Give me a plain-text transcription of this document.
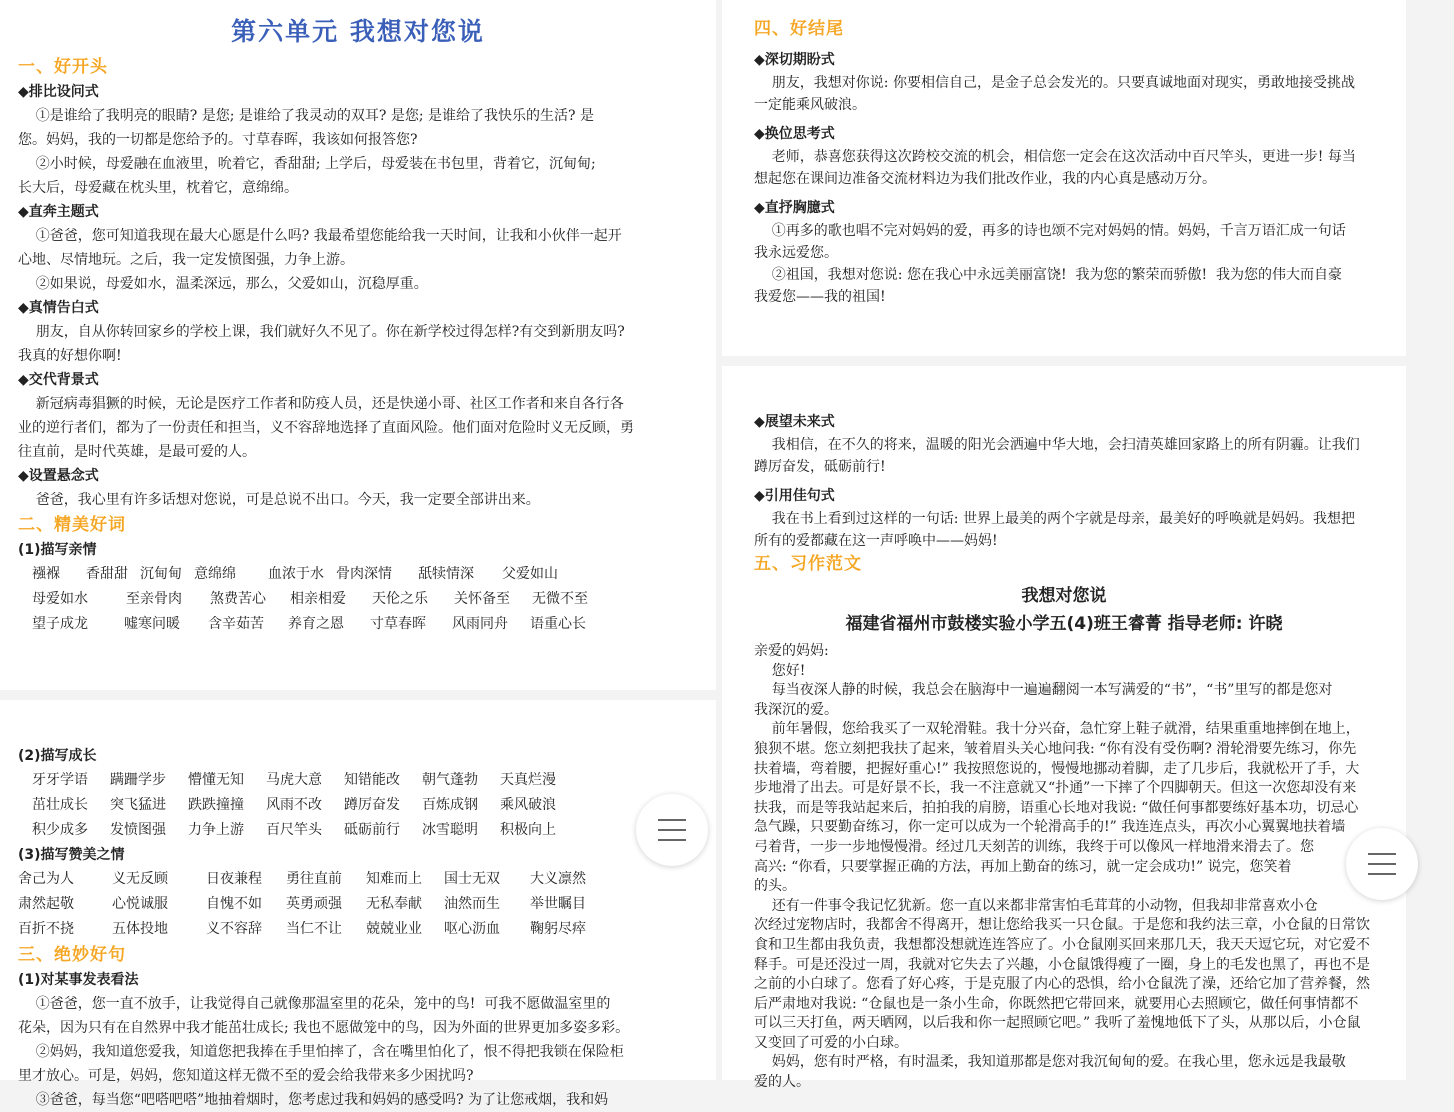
第六单元 我想对您说
一、好开头
◆排比设问式
①是谁给了我明亮的眼睛? 是您; 是谁给了我灵动的双耳? 是您; 是谁给了我快乐的生活? 是
您。妈妈，我的一切都是您给予的。寸草春晖，我该如何报答您?
②小时候，母爱融在血液里，吮着它，香甜甜; 上学后，母爱装在书包里，背着它，沉甸甸;
长大后，母爱藏在枕头里，枕着它，意绵绵。
◆直奔主题式
①爸爸，您可知道我现在最大心愿是什么吗? 我最希望您能给我一天时间，让我和小伙伴一起开
心地、尽情地玩。之后，我一定发愤图强，力争上游。
②如果说，母爱如水，温柔深远，那么，父爱如山，沉稳厚重。
◆真情告白式
朋友，自从你转回家乡的学校上课，我们就好久不见了。你在新学校过得怎样?有交到新朋友吗?
我真的好想你啊!
◆交代背景式
新冠病毒猖獗的时候，无论是医疗工作者和防疫人员，还是快递小哥、社区工作者和来自各行各
业的逆行者们，都为了一份责任和担当，义不容辞地选择了直面风险。他们面对危险时义无反顾，勇
往直前，是时代英雄，是最可爱的人。
◆设置悬念式
爸爸，我心里有许多话想对您说，可是总说不出口。今天，我一定要全部讲出来。
二、精美好词
(1)描写亲情
襁褓 香甜甜 沉甸甸 意绵绵 血浓于水 骨肉深情 舐犊情深 父爱如山
母爱如水	至亲骨肉 煞费苦心 相亲相爱 天伦之乐 关怀备至 无微不至
望子成龙	嘘寒问暖 含辛茹苦 养育之恩 寸草春晖 风雨同舟 语重心长
(2)描写成长
牙牙学语 蹒跚学步 懵懂无知 马虎大意 知错能改 朝气蓬勃 天真烂漫
茁壮成长 突飞猛进 跌跌撞撞 风雨不改 蹲厉奋发 百炼成钢 乘风破浪
积少成多 发愤图强 力争上游 百尺竿头 砥砺前行 冰雪聪明 积极向上
(3)描写赞美之情
舍己为人	义无反顾	日夜兼程 勇往直前 知难而上 国士无双 大义凛然
肃然起敬	心悦诚服	自愧不如 英勇顽强 无私奉献 油然而生 举世瞩目
百折不挠	五体投地	义不容辞 当仁不让 兢兢业业 呕心沥血 鞠躬尽瘁
三、绝妙好句
(1)对某事发表看法
①爸爸，您一直不放手，让我觉得自己就像那温室里的花朵，笼中的鸟!  可我不愿做温室里的
花朵，因为只有在自然界中我才能茁壮成长; 我也不愿做笼中的鸟，因为外面的世界更加多姿多彩。
②妈妈，我知道您爱我，知道您把我捧在手里怕摔了，含在嘴里怕化了，恨不得把我锁在保险柜
里才放心。可是，妈妈，您知道这样无微不至的爱会给我带来多少困扰吗?
③爸爸，每当您“吧嗒吧嗒”地抽着烟时，您考虑过我和妈妈的感受吗? 为了让您戒烟，我和妈
四、好结尾
◆深切期盼式
朋友，我想对你说: 你要相信自己，是金子总会发光的。只要真诚地面对现实，勇敢地接受挑战
一定能乘风破浪。
◆换位思考式
老师，恭喜您获得这次跨校交流的机会，相信您一定会在这次活动中百尺竿头，更进一步! 每当
想起您在课间边准备交流材料边为我们批改作业，我的内心真是感动万分。
◆直抒胸臆式
①再多的歌也唱不完对妈妈的爱，再多的诗也颂不完对妈妈的情。妈妈，千言万语汇成一句话
我永远爱您。
②祖国，我想对您说: 您在我心中永远美丽富饶!  我为您的繁荣而骄傲!  我为您的伟大而自豪
我爱您——我的祖国!
◆展望未来式
我相信，在不久的将来，温暖的阳光会洒遍中华大地，会扫清英雄回家路上的所有阴霾。让我们
蹲厉奋发，砥砺前行!
◆引用佳句式
我在书上看到过这样的一句话: 世界上最美的两个字就是母亲，最美好的呼唤就是妈妈。我想把
所有的爱都藏在这一声呼唤中——妈妈!
五、习作范文
我想对您说
福建省福州市鼓楼实验小学五(4)班王睿菁 指导老师: 许晓
亲爱的妈妈:
您好!
每当夜深人静的时候，我总会在脑海中一遍遍翻阅一本写满爱的“书”，“书”里写的都是您对
我深沉的爱。
前年暑假，您给我买了一双轮滑鞋。我十分兴奋，急忙穿上鞋子就滑，结果重重地摔倒在地上，
狼狈不堪。您立刻把我扶了起来，皱着眉头关心地问我: “你有没有受伤啊? 滑轮滑要先练习，你先
扶着墙，弯着腰，把握好重心!” 我按照您说的，慢慢地挪动着脚，走了几步后，我就松开了手，大
步地滑了出去。可是好景不长，我一不注意就又“扑通”一下摔了个四脚朝天。但这一次您却没有来
扶我，而是等我站起来后，拍拍我的肩膀，语重心长地对我说: “做任何事都要练好基本功，切忌心
急气躁，只要勤奋练习，你一定可以成为一个轮滑高手的!” 我连连点头，再次小心翼翼地扶着墙
弓着背，一步一步地慢慢滑。经过几天刻苦的训练，我终于可以像风一样地滑来滑去了。您
高兴: “你看，只要掌握正确的方法，再加上勤奋的练习，就一定会成功!” 说完，您笑着
的头。
还有一件事令我记忆犹新。您一直以来都非常害怕毛茸茸的小动物，但我却非常喜欢小仓
次经过宠物店时，我都舍不得离开，想让您给我买一只仓鼠。于是您和我约法三章，小仓鼠的日常饮
食和卫生都由我负责，我想都没想就连连答应了。小仓鼠刚买回来那几天，我天天逗它玩，对它爱不
释手。可是还没过一周，我就对它失去了兴趣，小仓鼠饿得瘦了一圈，身上的毛发也黑了，再也不是
之前的小白球了。您看了好心疼，于是克服了内心的恐惧，给小仓鼠洗了澡，还给它加了营养餐，然
后严肃地对我说: “仓鼠也是一条小生命，你既然把它带回来，就要用心去照顾它，做任何事情都不
可以三天打鱼，两天晒网，以后我和你一起照顾它吧。” 我听了羞愧地低下了头，从那以后，小仓鼠
又变回了可爱的小白球。
妈妈，您有时严格，有时温柔，我知道那都是您对我沉甸甸的爱。在我心里，您永远是我最敬
爱的人。
